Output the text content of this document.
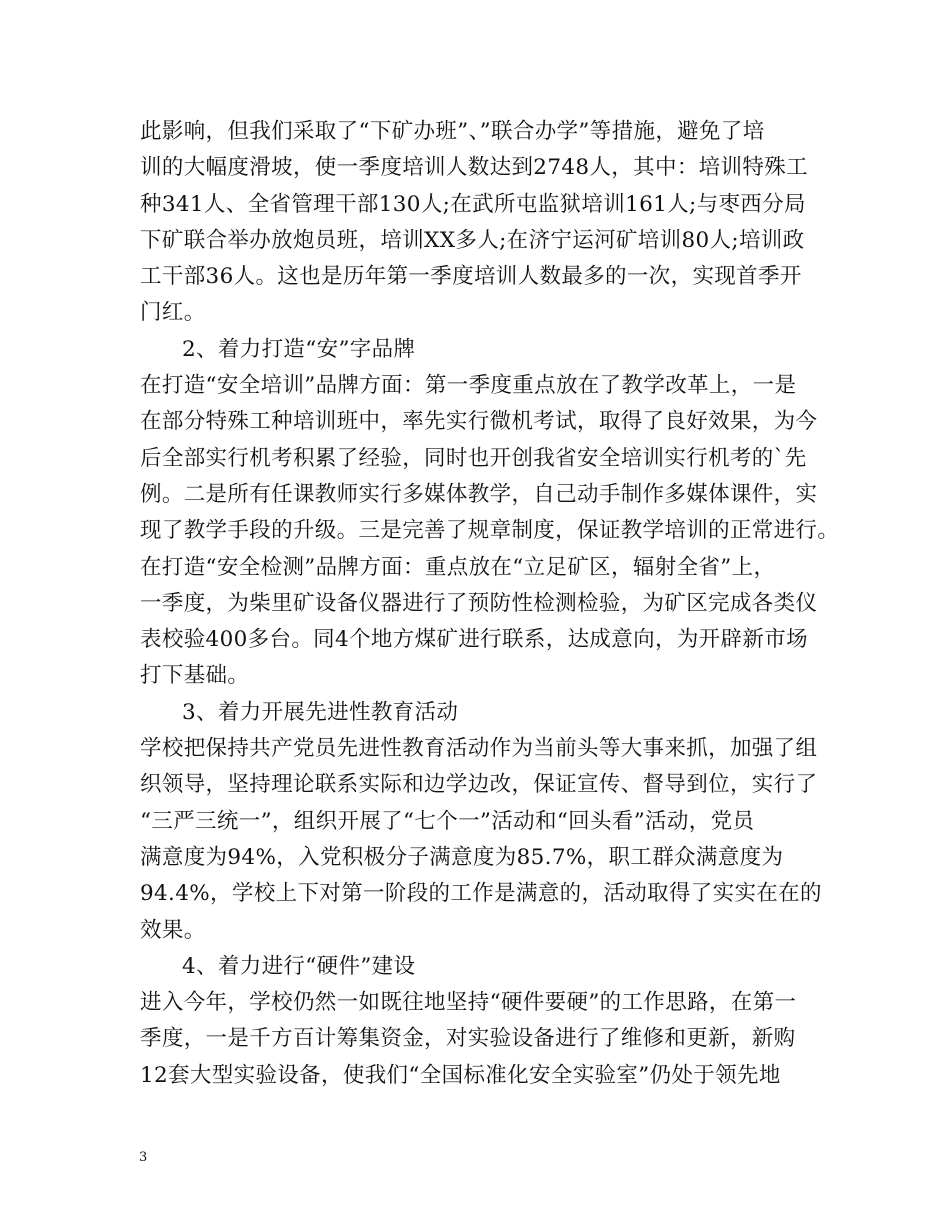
此影响，但我们采取了“下矿办班”、”联合办学”等措施，避免了培
训的大幅度滑坡，使一季度培训人数达到2748人，其中：培训特殊工
种341人、全省管理干部130人;在武所屯监狱培训161人;与枣西分局
下矿联合举办放炮员班，培训XX多人;在济宁运河矿培训80人;培训政
工干部36人。这也是历年第一季度培训人数最多的一次，实现首季开
门红。
2、着力打造“安”字品牌
在打造“安全培训”品牌方面：第一季度重点放在了教学改革上，一是
在部分特殊工种培训班中，率先实行微机考试，取得了良好效果，为今
后全部实行机考积累了经验，同时也开创我省安全培训实行机考的`先
例。二是所有任课教师实行多媒体教学，自己动手制作多媒体课件，实
现了教学手段的升级。三是完善了规章制度，保证教学培训的正常进行。
在打造“安全检测”品牌方面：重点放在“立足矿区，辐射全省”上，
一季度，为柴里矿设备仪器进行了预防性检测检验，为矿区完成各类仪
表校验400多台。同4个地方煤矿进行联系，达成意向，为开辟新市场
打下基础。
3、着力开展先进性教育活动
学校把保持共产党员先进性教育活动作为当前头等大事来抓，加强了组
织领导，坚持理论联系实际和边学边改，保证宣传、督导到位，实行了
“三严三统一”，组织开展了“七个一”活动和“回头看”活动，党员
满意度为94%，入党积极分子满意度为85.7%，职工群众满意度为
94.4%，学校上下对第一阶段的工作是满意的，活动取得了实实在在的
效果。
4、着力进行“硬件”建设
进入今年，学校仍然一如既往地坚持“硬件要硬”的工作思路，在第一
季度，一是千方百计筹集资金，对实验设备进行了维修和更新，新购
12套大型实验设备，使我们“全国标准化安全实验室”仍处于领先地
3
